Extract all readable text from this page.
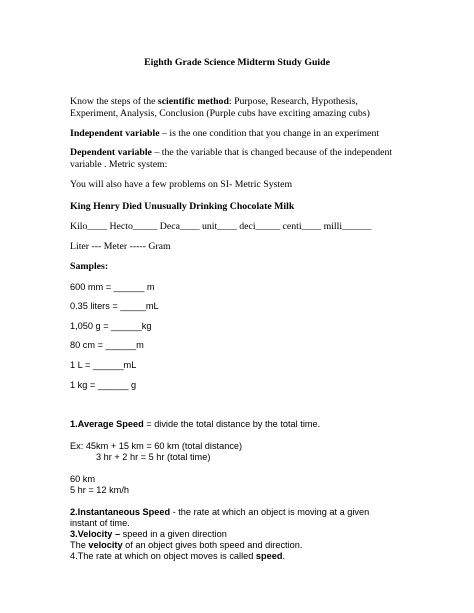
Eighth Grade Science Midterm Study Guide
Know the steps of the scientific method: Purpose, Research, Hypothesis,
Experiment, Analysis, Conclusion (Purple cubs have exciting amazing cubs)
Independent variable – is the one condition that you change in an experiment
Dependent variable – the the variable that is changed because of the independent
variable . Metric system:
You will also have a few problems on SI- Metric System
King Henry Died Unusually Drinking Chocolate Milk
Kilo____ Hecto_____ Deca____ unit____ deci_____ centi____ milli______
Liter --- Meter ----- Gram
Samples:
600 mm = ______ m
0.35 liters = _____mL
1,050 g = ______kg
80 cm = ______m
1 L = ______mL
1 kg = ______ g
1.Average Speed = divide the total distance by the total time.
Ex: 45km + 15 km = 60 km (total distance)
3 hr + 2 hr = 5 hr (total time)
60 km
5 hr = 12 km/h
2.Instantaneous Speed - the rate at which an object is moving at a given
instant of time.
3.Velocity – speed in a given direction
The velocity of an object gives both speed and direction.
4.The rate at which on object moves is called speed.
